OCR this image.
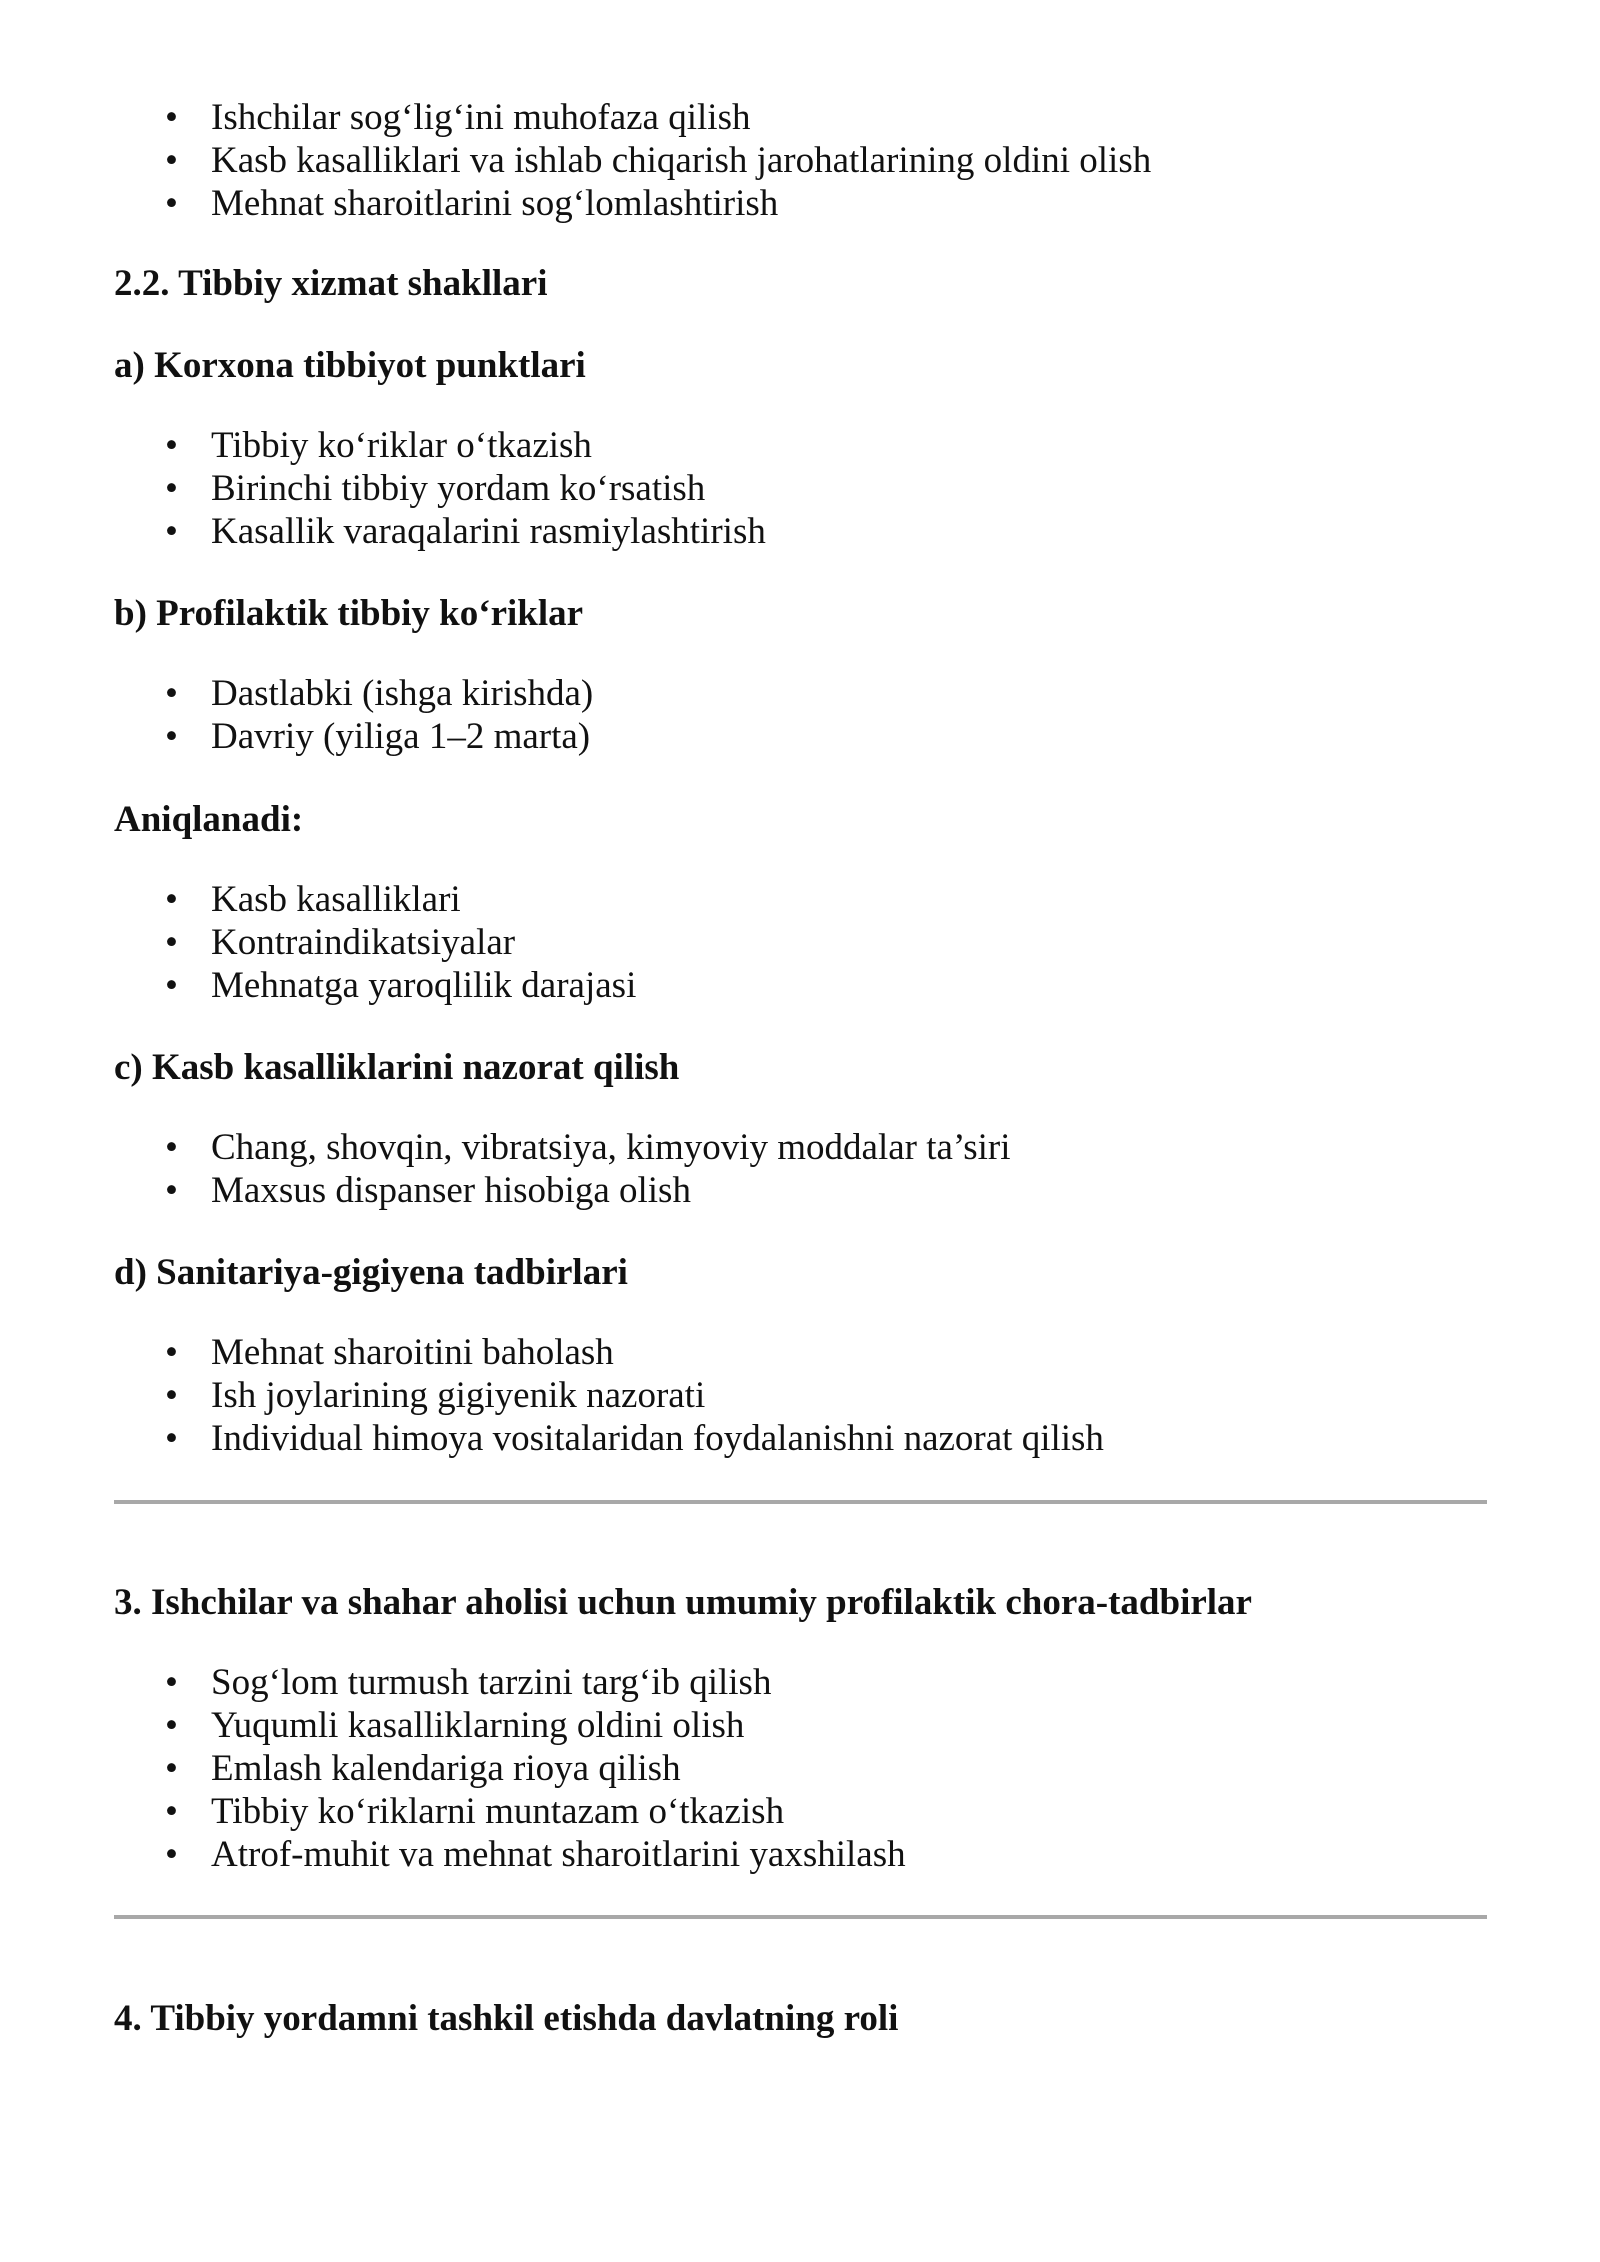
• Ishchilar sog‘lig‘ini muhofaza qilish
• Kasb kasalliklari va ishlab chiqarish jarohatlarining oldini olish
• Mehnat sharoitlarini sog‘lomlashtirish
2.2. Tibbiy xizmat shakllari
a) Korxona tibbiyot punktlari
• Tibbiy ko‘riklar o‘tkazish
• Birinchi tibbiy yordam ko‘rsatish
• Kasallik varaqalarini rasmiylashtirish
b) Profilaktik tibbiy ko‘riklar
• Dastlabki (ishga kirishda)
• Davriy (yiliga 1–2 marta)
Aniqlanadi:
• Kasb kasalliklari
• Kontraindikatsiyalar
• Mehnatga yaroqlilik darajasi
c) Kasb kasalliklarini nazorat qilish
• Chang, shovqin, vibratsiya, kimyoviy moddalar ta’siri
• Maxsus dispanser hisobiga olish
d) Sanitariya-gigiyena tadbirlari
• Mehnat sharoitini baholash
• Ish joylarining gigiyenik nazorati
• Individual himoya vositalaridan foydalanishni nazorat qilish
3. Ishchilar va shahar aholisi uchun umumiy profilaktik chora-tadbirlar
• Sog‘lom turmush tarzini targ‘ib qilish
• Yuqumli kasalliklarning oldini olish
• Emlash kalendariga rioya qilish
• Tibbiy ko‘riklarni muntazam o‘tkazish
• Atrof-muhit va mehnat sharoitlarini yaxshilash
4. Tibbiy yordamni tashkil etishda davlatning roli
